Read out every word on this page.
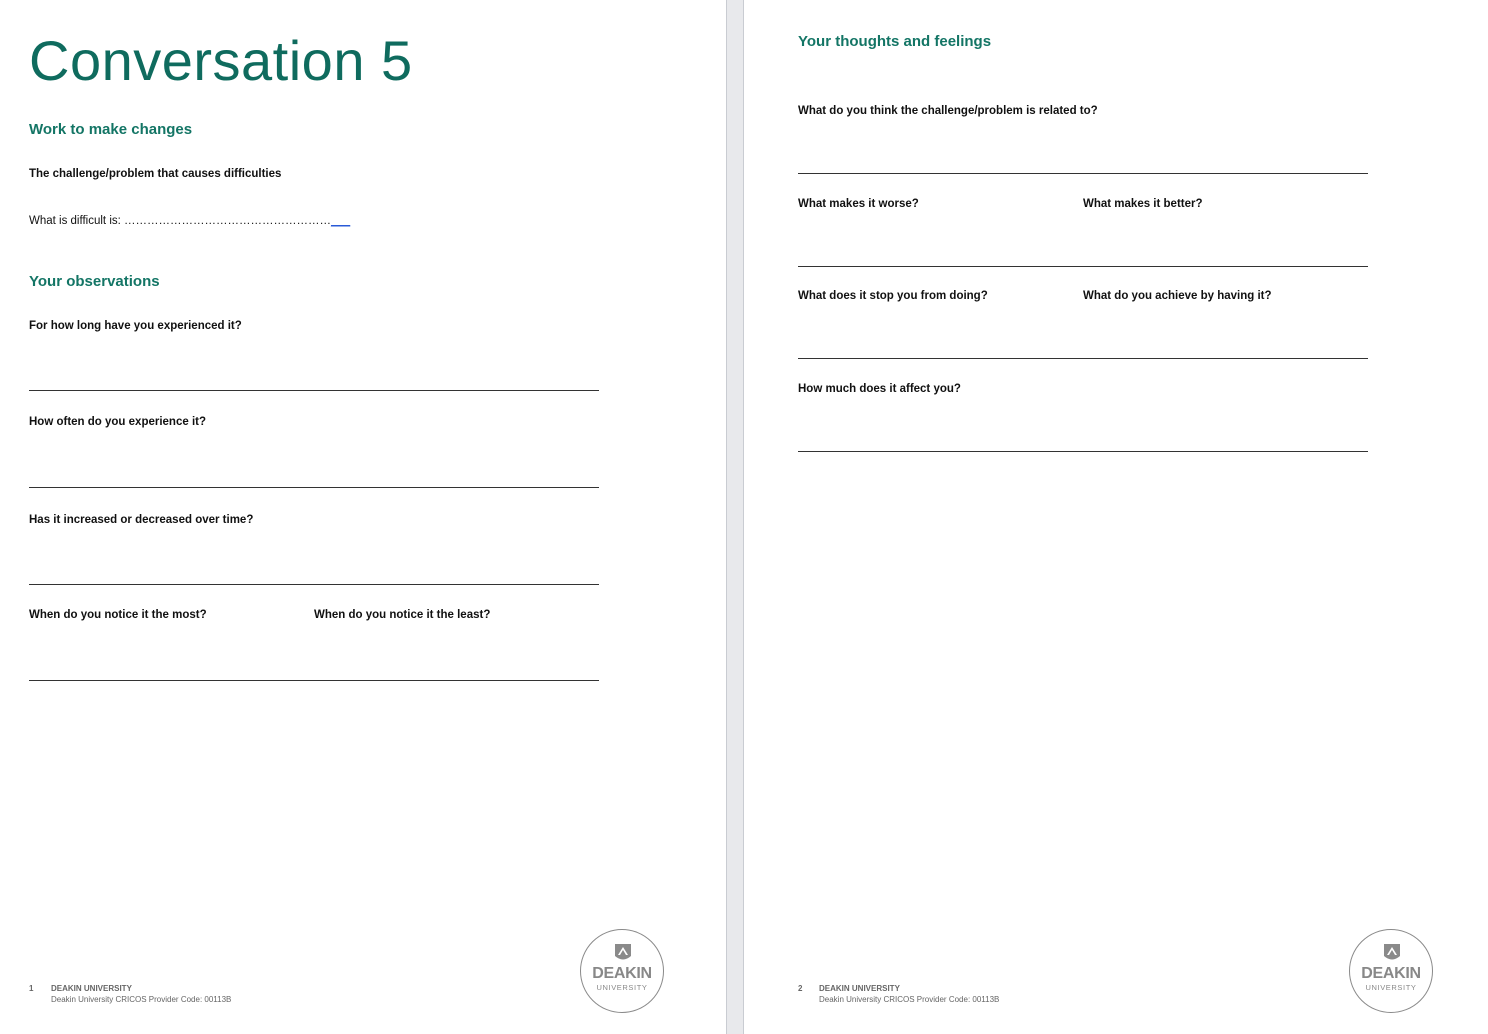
Conversation 5
Work to make changes
The challenge/problem that causes difficulties
What is difficult is: ………………………………………………___
Your observations
For how long have you experienced it?
How often do you experience it?
Has it increased or decreased over time?
When do you notice it the most?	When do you notice it the least?
1 DEAKIN UNIVERSITY
Deakin University CRICOS Provider Code: 00113B
DEAKIN
UNIVERSITY
Your thoughts and feelings
What do you think the challenge/problem is related to?
What makes it worse?	What makes it better?
What does it stop you from doing?	What do you achieve by having it?
How much does it affect you?
2 DEAKIN UNIVERSITY
Deakin University CRICOS Provider Code: 00113B
DEAKIN
UNIVERSITY
